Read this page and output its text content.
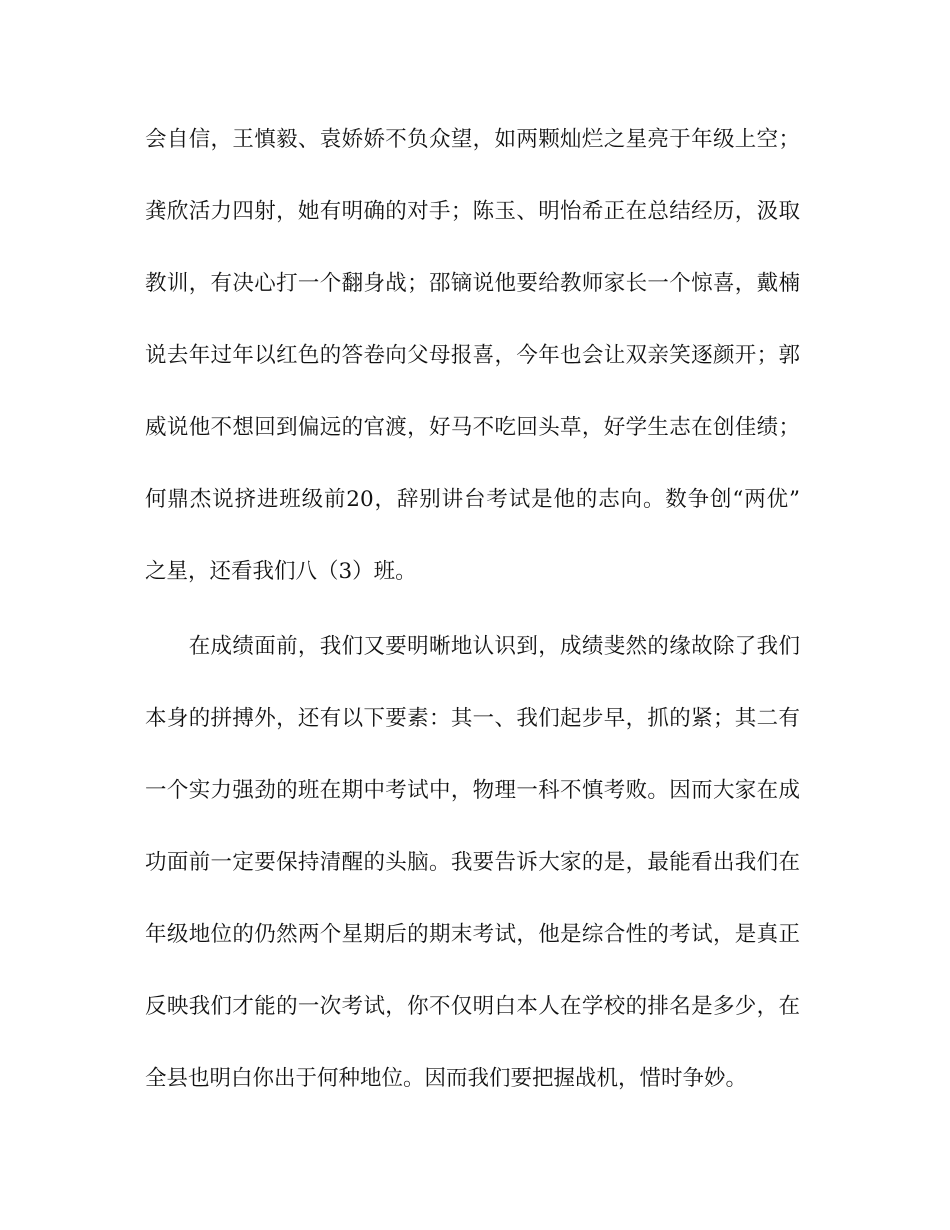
会自信，王慎毅、袁娇娇不负众望，如两颗灿烂之星亮于年级上空；
龚欣活力四射，她有明确的对手；陈玉、明怡希正在总结经历，汲取
教训，有决心打一个翻身战；邵镝说他要给教师家长一个惊喜，戴楠
说去年过年以红色的答卷向父母报喜，今年也会让双亲笑逐颜开；郭
威说他不想回到偏远的官渡，好马不吃回头草，好学生志在创佳绩；
何鼎杰说挤进班级前20，辞别讲台考试是他的志向。数争创“两优”
之星，还看我们八（3）班。
　　在成绩面前，我们又要明晰地认识到，成绩斐然的缘故除了我们
本身的拼搏外，还有以下要素：其一、我们起步早，抓的紧；其二有
一个实力强劲的班在期中考试中，物理一科不慎考败。因而大家在成
功面前一定要保持清醒的头脑。我要告诉大家的是，最能看出我们在
年级地位的仍然两个星期后的期末考试，他是综合性的考试，是真正
反映我们才能的一次考试，你不仅明白本人在学校的排名是多少，在
全县也明白你出于何种地位。因而我们要把握战机，惜时争妙。
